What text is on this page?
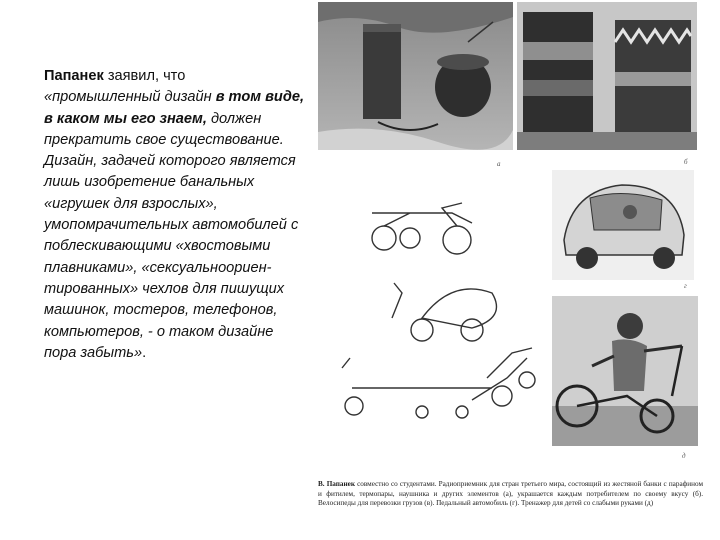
Папанек заявил, что
«промышленный дизайн в том виде, в каком мы его знаем, должен прекратить свое существование. Дизайн, задачей которого является лишь изобретение банальных «игрушек для взрослых», умопомрачительных автомобилей с поблескивающими «хвостовыми плавниками», «сексуальноориен-тированных» чехлов для пишущих машинок, тостеров, телефонов, компьютеров, - о таком дизайне пора забыть».
а	б
г
д
В. Папанек совместно со студентами. Радиоприемник для стран третьего мира, состоящий из жестяной банки с парафином и фитилем, термопары, наушника и других элементов (а), украшается каждым потребителем по своему вкусу (б). Велосипеды для перевозки грузов (в). Педальный автомобиль (г). Тренажер для детей со слабыми руками (д)
